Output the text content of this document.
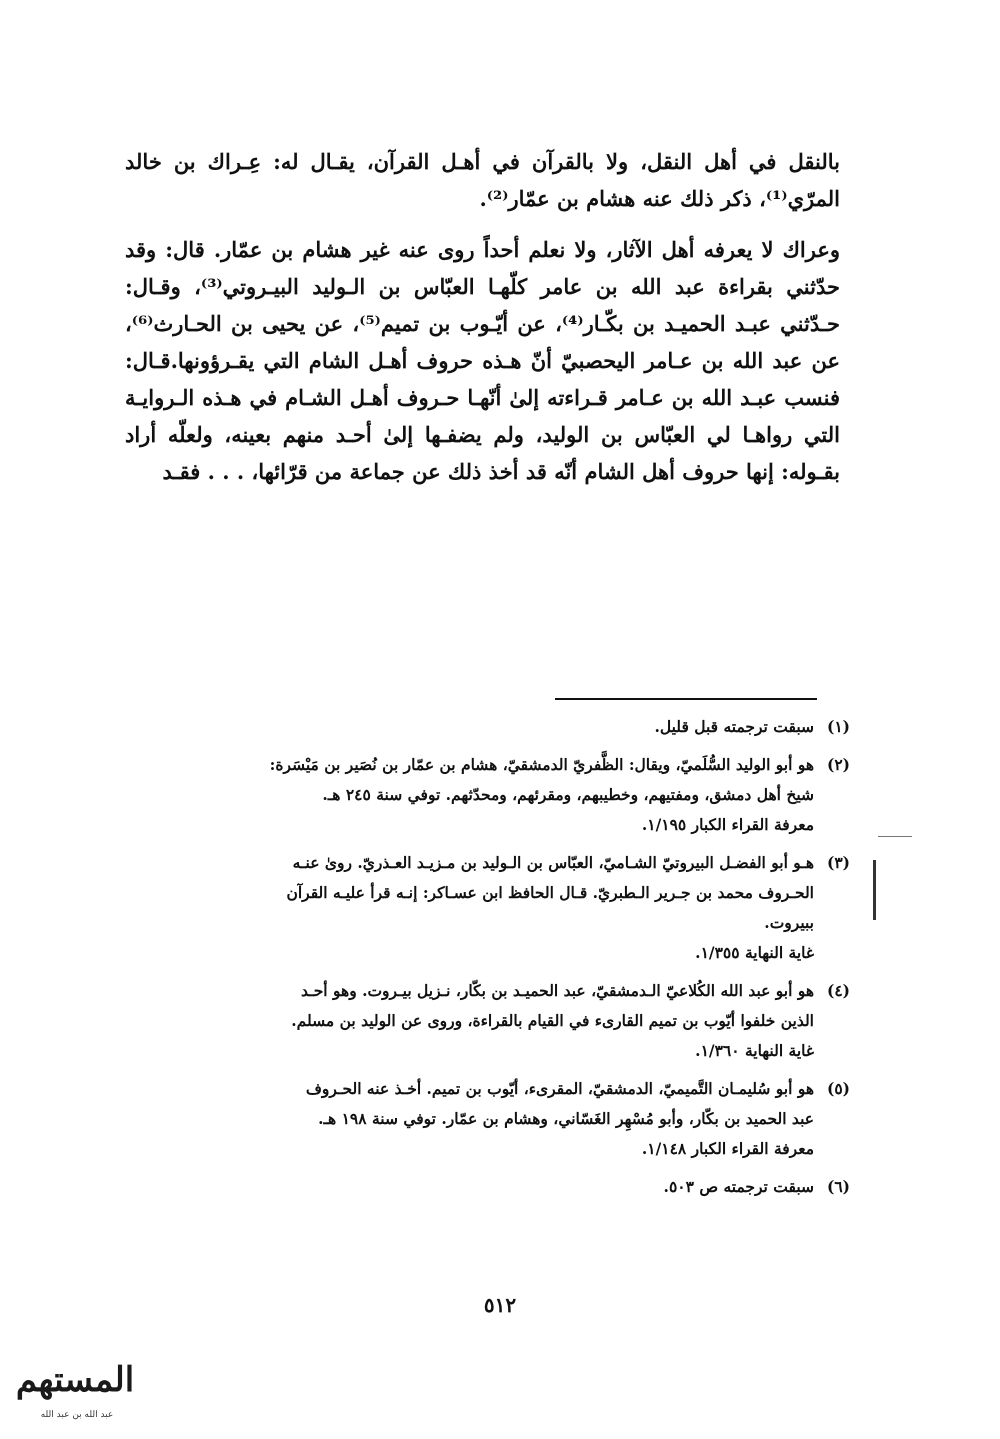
بالنقل في أهل النقل، ولا بالقرآن في أهـل القرآن، يقـال له: عِـراك بن خالد المرّي⁽¹⁾، ذكر ذلك عنه هشام بن عمّار⁽²⁾.

وعراك لا يعرفه أهل الآثار، ولا نعلم أحداً روى عنه غير هشام بن عمّار. قال: وقد حدّثني بقراءة عبد الله بن عامر كلّهـا العبّاس بن الـوليد البيـروتي⁽³⁾، وقـال: حـدّثني عبـد الحميـد بن بكّـار⁽⁴⁾، عن أيّـوب بن تميم⁽⁵⁾، عن يحيى بن الحـارث⁽⁶⁾، عن عبد الله بن عـامر اليحصبيّ أنّ هـذه حروف أهـل الشام التي يقـرؤونها.قـال: فنسب عبـد الله بن عـامر قـراءته إلىٰ أنّهـا حـروف أهـل الشـام في هـذه الـروايـة التي رواهـا لي العبّاس بن الوليد، ولم يضفـها إلىٰ أحـد منهم بعينه، ولعلّه أراد بقـوله: إنها حروف أهل الشام أنّه قد أخذ ذلك عن جماعة من قرّائها، . . . فقـد

(١)
سبقت ترجمته قبل قليل.
(٢)
هو أبو الوليد السُّلَميّ، ويقال: الظَّفريّ الدمشقيّ، هشام بن عمّار بن نُصَير بن مَيْسَرة:
شيخ أهل دمشق، ومفتيهم، وخطيبهم، ومقرئهم، ومحدّثهم. توفي سنة ٢٤٥ هـ.
معرفة القراء الكبار ١/١٩٥.
(٣)
هـو أبو الفضـل البيروتيّ الشـاميّ، العبّاس بن الـوليد بن مـزيـد العـذريّ. روىٰ عنـه
الحـروف محمد بن جـرير الـطبريّ. قـال الحافظ ابن عسـاكر: إنـه قرأ عليـه القرآن
ببيروت.
غاية النهاية ١/٣٥٥.
(٤)
هو أبو عبد الله الكُلاعيّ الـدمشقيّ، عبد الحميـد بن بكّار، نـزيل بيـروت. وهو أحـد
الذين خلفوا أيّوب بن تميم القارىء في القيام بالقراءة، وروى عن الوليد بن مسلم.
غاية النهاية ١/٣٦٠.
(٥)
هو أبو سُليمـان التَّميميّ، الدمشقيّ، المقرىء، أيّوب بن تميم. أخـذ عنه الحـروف
عبد الحميد بن بكّار، وأبو مُسْهِر الغَسّاني، وهشام بن عمّار. توفي سنة ١٩٨ هـ.
معرفة القراء الكبار ١/١٤٨.
(٦)
سبقت ترجمته ص ٥٠٣.
٥١٢
المستهم
عبد الله بن عبد الله
